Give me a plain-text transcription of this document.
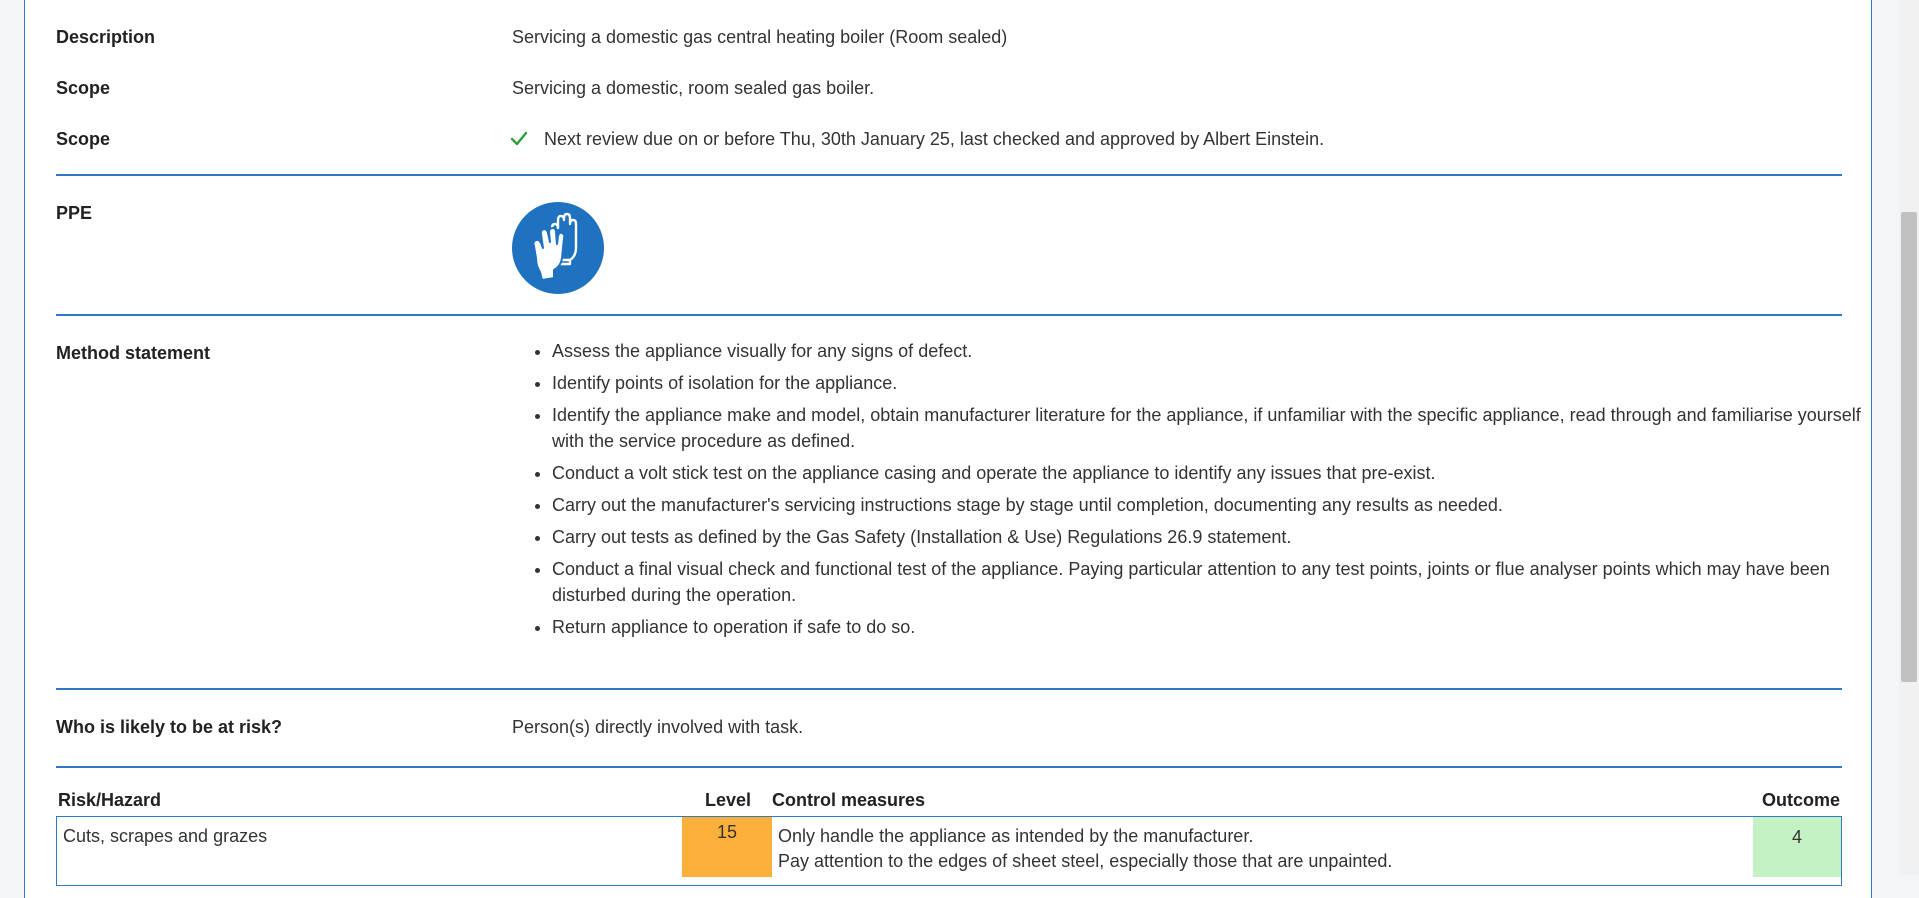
Description	Servicing a domestic gas central heating boiler (Room sealed)
Scope	Servicing a domestic, room sealed gas boiler.
Scope	Next review due on or before Thu, 30th January 25, last checked and approved by Albert Einstein.
PPE
Method statement
•	Assess the appliance visually for any signs of defect.
• Identify points of isolation for the appliance.
• Identify the appliance make and model, obtain manufacturer literature for the appliance, if unfamiliar with the specific appliance, read through and familiarise yourself with the service procedure as defined.
• Conduct a volt stick test on the appliance casing and operate the appliance to identify any issues that pre-exist.
• Carry out the manufacturer's servicing instructions stage by stage until completion, documenting any results as needed.
• Carry out tests as defined by the Gas Safety (Installation & Use) Regulations 26.9 statement.
• Conduct a final visual check and functional test of the appliance. Paying particular attention to any test points, joints or flue analyser points which may have been disturbed during the operation.
• Return appliance to operation if safe to do so.
Who is likely to be at risk?	Person(s) directly involved with task.
Risk/Hazard	Level Control measures	Outcome
Cuts, scrapes and grazes	15	Only handle the appliance as intended by the manufacturer.
Pay attention to the edges of sheet steel, especially those that are unpainted.
4
